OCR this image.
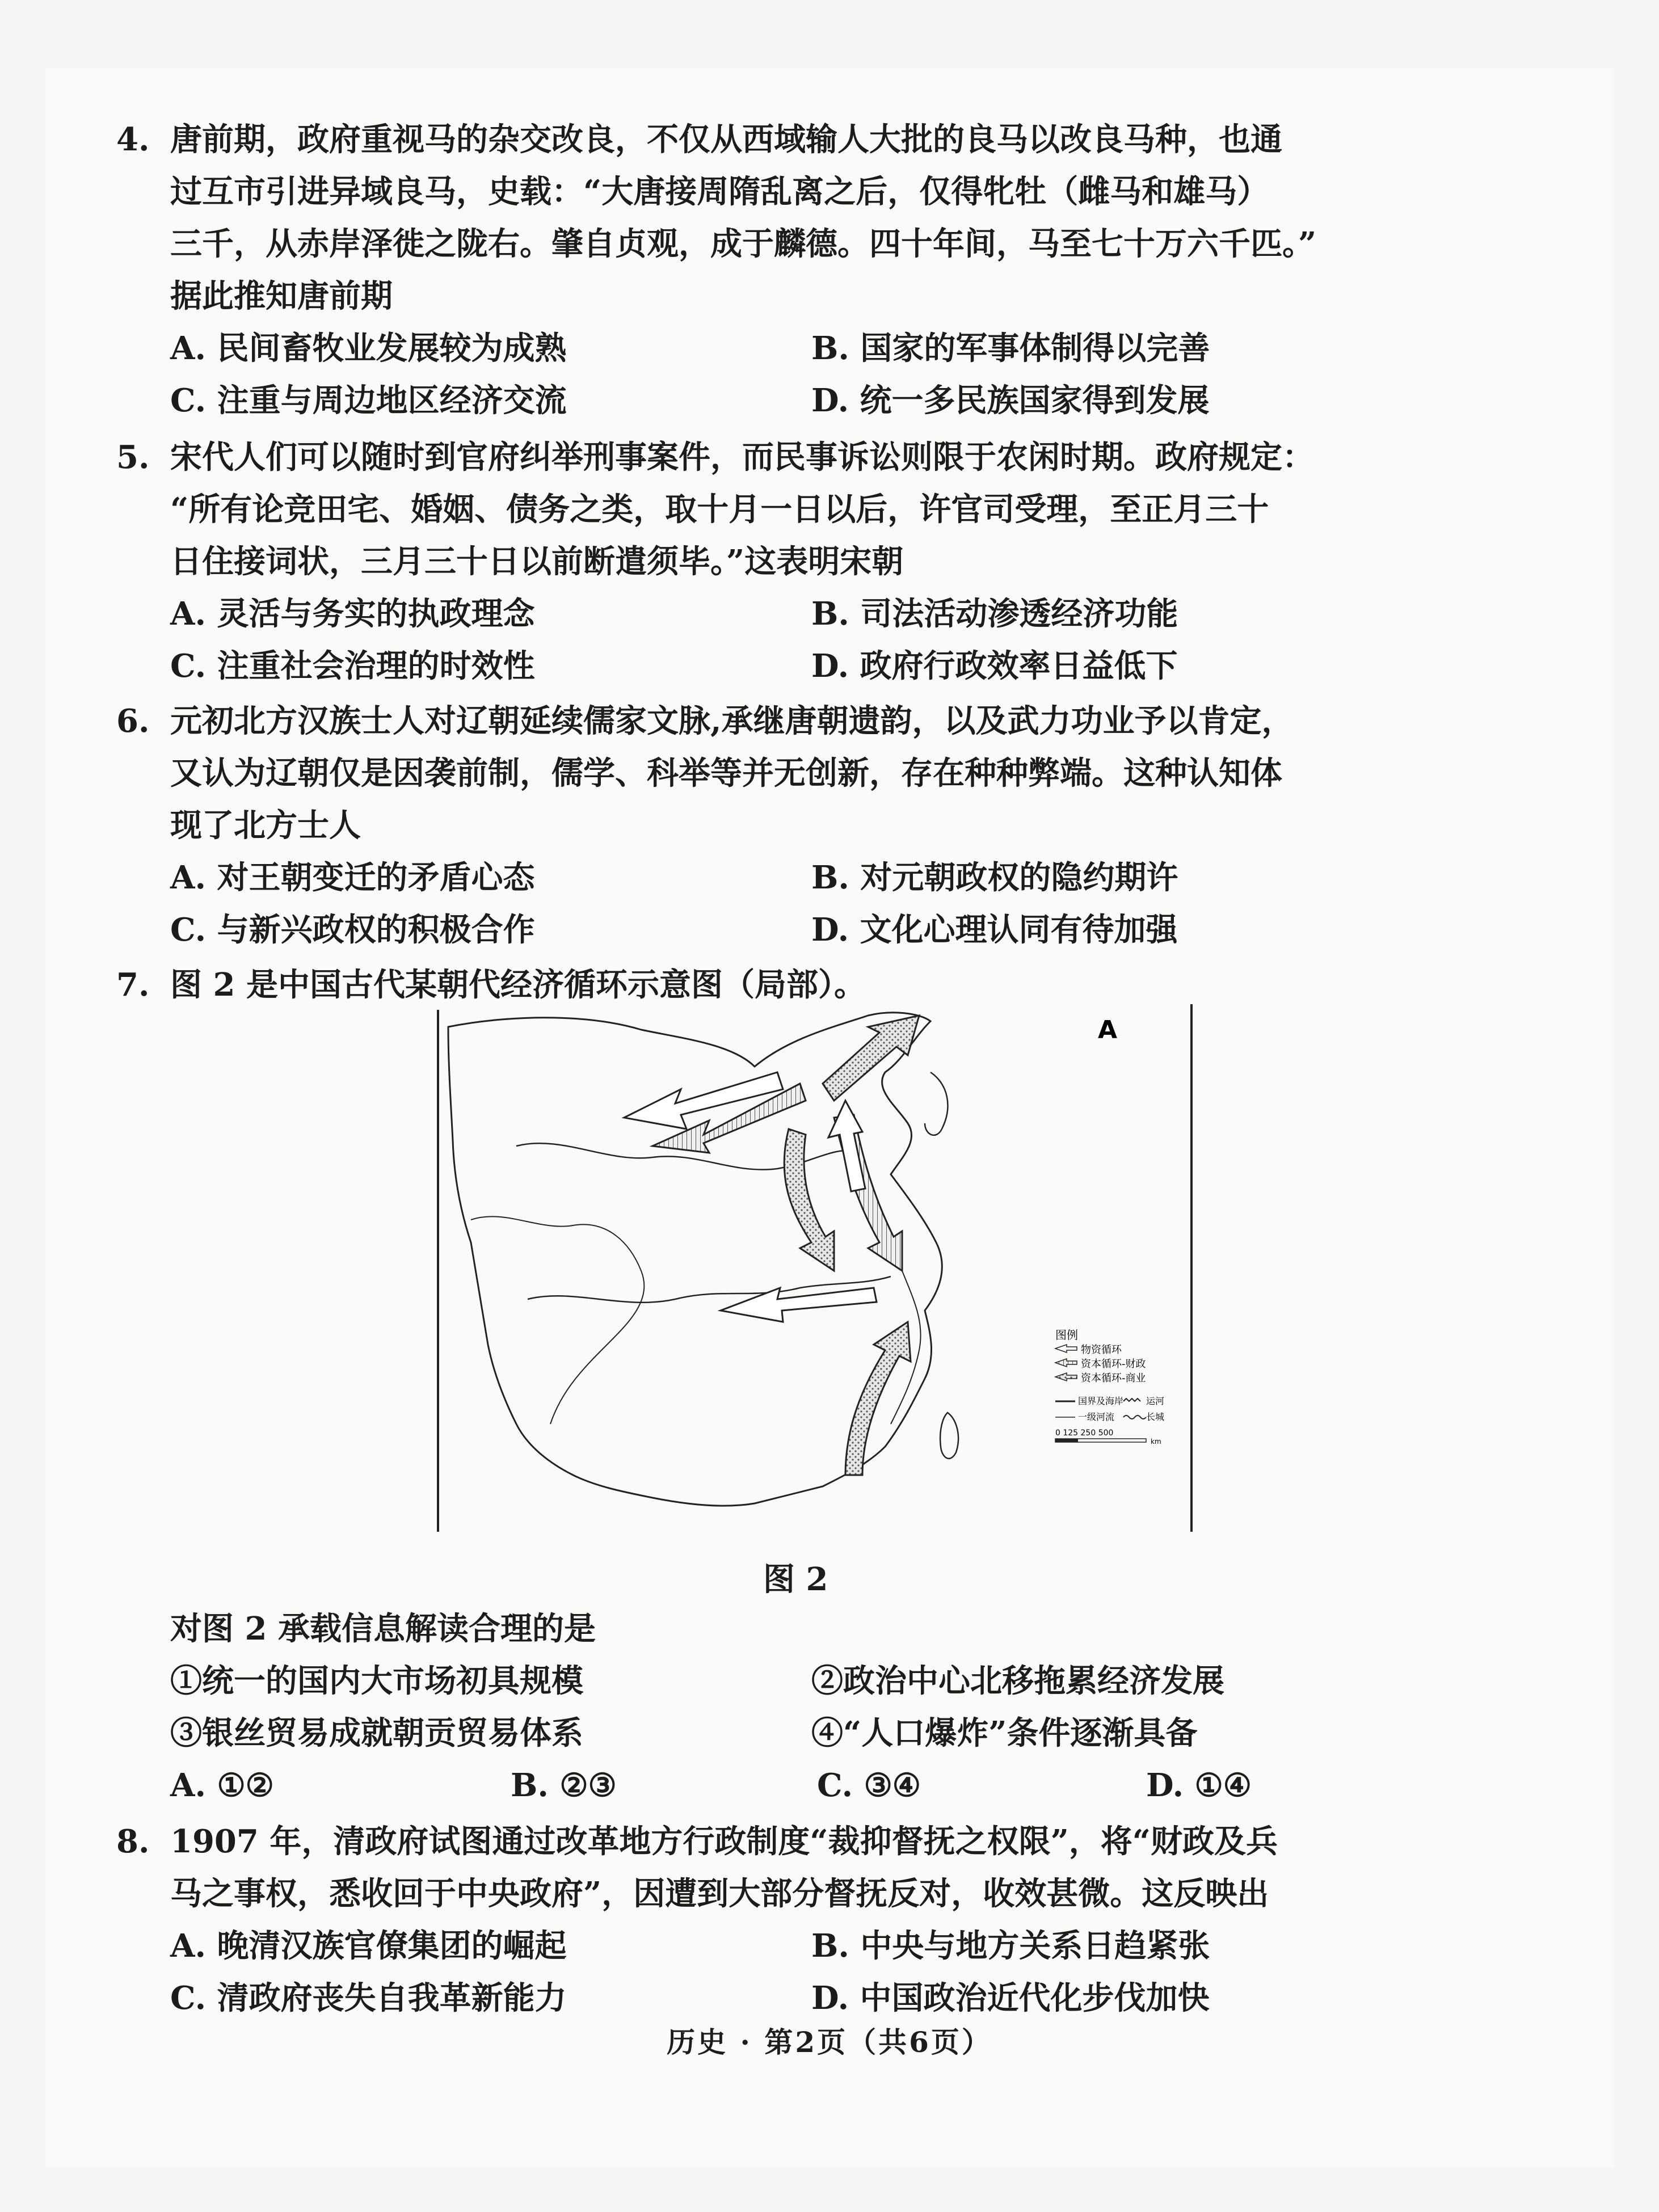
4. 唐前期，政府重视马的杂交改良，不仅从西域输人大批的良马以改良马种，也通
过互市引进异域良马，史载：“大唐接周隋乱离之后，仅得牝牡（雌马和雄马）
三千，从赤岸泽徙之陇右。肇自贞观，成于麟德。四十年间，马至七十万六千匹。”
据此推知唐前期
A. 民间畜牧业发展较为成熟	B. 国家的军事体制得以完善
C. 注重与周边地区经济交流	D. 统一多民族国家得到发展
5. 宋代人们可以随时到官府纠举刑事案件，而民事诉讼则限于农闲时期。政府规定：
“所有论竞田宅、婚姻、债务之类，取十月一日以后，许官司受理，至正月三十
日住接词状，三月三十日以前断遣须毕。”这表明宋朝
A. 灵活与务实的执政理念	B. 司法活动渗透经济功能
C. 注重社会治理的时效性	D. 政府行政效率日益低下
6. 元初北方汉族士人对辽朝延续儒家文脉,承继唐朝遗韵，以及武力功业予以肯定，
又认为辽朝仅是因袭前制，儒学、科举等并无创新，存在种种弊端。这种认知体
现了北方士人
A. 对王朝变迁的矛盾心态	B. 对元朝政权的隐约期许
C. 与新兴政权的积极合作	D. 文化心理认同有待加强
7. 图 2 是中国古代某朝代经济循环示意图（局部）。
A
图例
物资循环
资本循环-财政
资本循环-商业
国界及海岸 运河
一级河流	长城
0 125 250 500
km
图 2
对图 2 承载信息解读合理的是
①统一的国内大市场初具规模	②政治中心北移拖累经济发展
③银丝贸易成就朝贡贸易体系	④“人口爆炸”条件逐渐具备
A. ①②	B. ②③	C. ③④	D. ①④
8. 1907 年，清政府试图通过改革地方行政制度“裁抑督抚之权限”，将“财政及兵
马之事权，悉收回于中央政府”，因遭到大部分督抚反对，收效甚微。这反映出
A. 晚清汉族官僚集团的崛起	B. 中央与地方关系日趋紧张
C. 清政府丧失自我革新能力	D. 中国政治近代化步伐加快
历史 · 第2页（共6页）
